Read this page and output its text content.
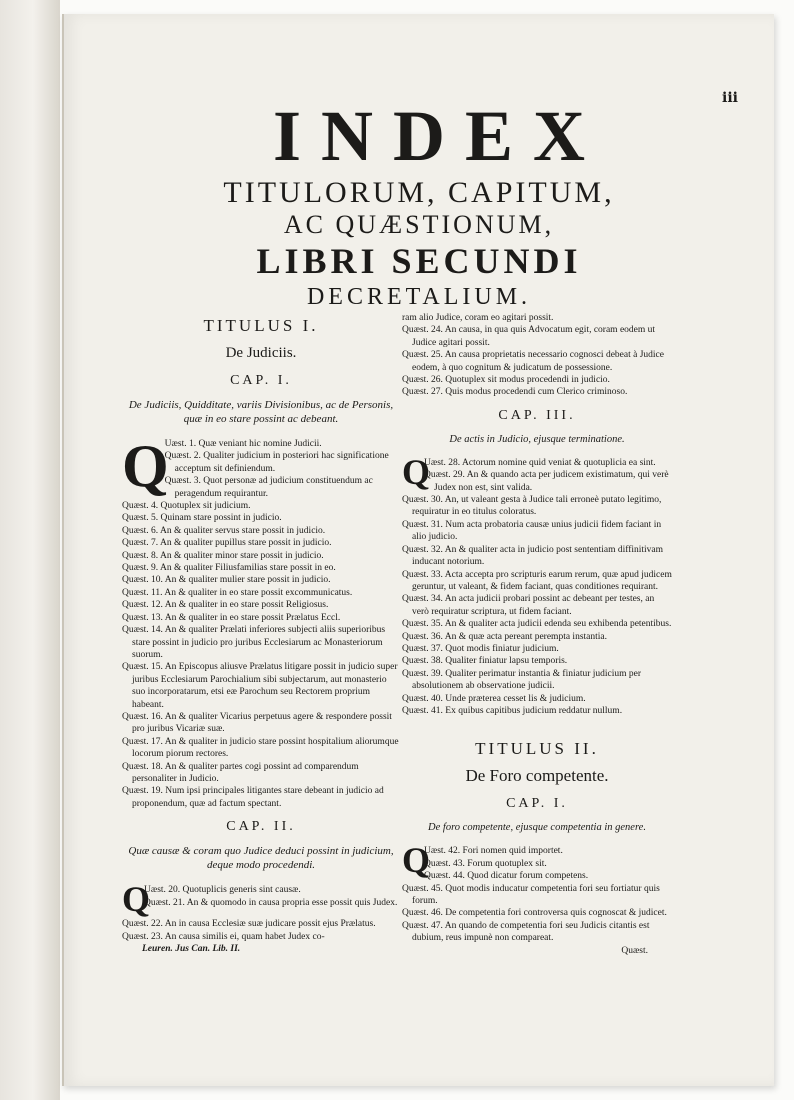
iii
INDEX
TITULORUM, CAPITUM,
AC QUÆSTIONUM,
LIBRI SECUNDI
DECRETALIUM.
TITULUS I.
De Judiciis.
CAP. I.
De Judiciis, Quidditate, variis Divisionibus, ac de Personis, quæ in eo stare possint ac debeant.
Q
Uæst. 1. Quæ veniant hic nomine Judicii.
Quæst. 2. Qualiter judicium in posteriori hac significatione acceptum sit definiendum.
Quæst. 3. Quot personæ ad judicium constituendum ac peragendum requirantur.
Quæst. 4. Quotuplex sit judicium.
Quæst. 5. Quinam stare possint in judicio.
Quæst. 6. An & qualiter servus stare possit in judicio.
Quæst. 7. An & qualiter pupillus stare possit in judicio.
Quæst. 8. An & qualiter minor stare possit in judicio.
Quæst. 9. An & qualiter Filiusfamilias stare possit in eo.
Quæst. 10. An & qualiter mulier stare possit in judicio.
Quæst. 11. An & qualiter in eo stare possit excommunicatus.
Quæst. 12. An & qualiter in eo stare possit Religiosus.
Quæst. 13. An & qualiter in eo stare possit Prælatus Eccl.
Quæst. 14. An & qualiter Prælati inferiores subjecti aliis superioribus stare possint in judicio pro juribus Ecclesiarum ac Monasteriorum suorum.
Quæst. 15. An Episcopus aliusve Prælatus litigare possit in judicio super juribus Ecclesiarum Parochialium sibi subjectarum, aut monasterio suo incorporatarum, etsi eæ Parochum seu Rectorem proprium habeant.
Quæst. 16. An & qualiter Vicarius perpetuus agere & respondere possit pro juribus Vicariæ suæ.
Quæst. 17. An & qualiter in judicio stare possint hospitalium aliorumque locorum piorum rectores.
Quæst. 18. An & qualiter partes cogi possint ad comparendum personaliter in Judicio.
Quæst. 19. Num ipsi principales litigantes stare debeant in judicio ad proponendum, quæ ad factum spectant.
CAP. II.
Quæ causæ & coram quo Judice deduci possint in judicium, deque modo procedendi.
Q
Uæst. 20. Quotuplicis generis sint causæ.
Quæst. 21. An & quomodo in causa propria esse possit quis Judex.
Quæst. 22. An in causa Ecclesiæ suæ judicare possit ejus Prælatus.
Quæst. 23. An causa similis ei, quam habet Judex co-
Leuren. Jus Can. Lib. II.
ram alio Judice, coram eo agitari possit.
Quæst. 24. An causa, in qua quis Advocatum egit, coram eodem ut Judice agitari possit.
Quæst. 25. An causa proprietatis necessario cognosci debeat à Judice eodem, à quo cognitum & judicatum de possessione.
Quæst. 26. Quotuplex sit modus procedendi in judicio.
Quæst. 27. Quis modus procedendi cum Clerico criminoso.
CAP. III.
De actis in Judicio, ejusque terminatione.
Q
Uæst. 28. Actorum nomine quid veniat & quotuplicia ea sint.
Quæst. 29. An & quando acta per judicem existimatum, qui verè Judex non est, sint valida.
Quæst. 30. An, ut valeant gesta à Judice tali erroneè putato legitimo, requiratur in eo titulus coloratus.
Quæst. 31. Num acta probatoria causæ unius judicii fidem faciant in alio judicio.
Quæst. 32. An & qualiter acta in judicio post sententiam diffinitivam inducant notorium.
Quæst. 33. Acta accepta pro scripturis earum rerum, quæ apud judicem geruntur, ut valeant, & fidem faciant, quas conditiones requirant.
Quæst. 34. An acta judicii probari possint ac debeant per testes, an verò requiratur scriptura, ut fidem faciant.
Quæst. 35. An & qualiter acta judicii edenda seu exhibenda petentibus.
Quæst. 36. An & quæ acta pereant perempta instantia.
Quæst. 37. Quot modis finiatur judicium.
Quæst. 38. Qualiter finiatur lapsu temporis.
Quæst. 39. Qualiter perimatur instantia & finiatur judicium per absolutionem ab observatione judicii.
Quæst. 40. Unde præterea cesset lis & judicium.
Quæst. 41. Ex quibus capitibus judicium reddatur nullum.
TITULUS II.
De Foro competente.
CAP. I.
De foro competente, ejusque competentia in genere.
Q
Uæst. 42. Fori nomen quid importet.
Quæst. 43. Forum quotuplex sit.
Quæst. 44. Quod dicatur forum competens.
Quæst. 45. Quot modis inducatur competentia fori seu fortiatur quis forum.
Quæst. 46. De competentia fori controversa quis cognoscat & judicet.
Quæst. 47. An quando de competentia fori seu Judicis citantis est dubium, reus impunè non compareat.
Quæst.
